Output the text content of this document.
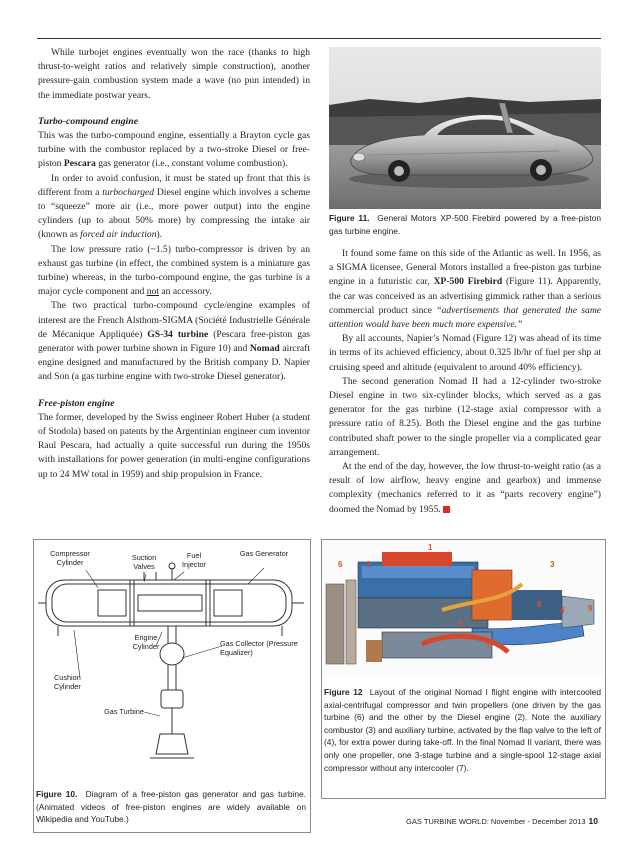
While turbojet engines eventually won the race (thanks to high thrust-to-weight ratios and relatively simple construction), another pressure-gain combustion system made a wave (no pun intended) in the immediate postwar years.

Turbo-compound engine

This was the turbo-compound engine, essentially a Brayton cycle gas turbine with the combustor replaced by a two-stroke Diesel or free-piston Pescara gas generator (i.e., constant volume combustion).

In order to avoid confusion, it must be stated up front that this is different from a turbocharged Diesel engine which involves a scheme to “squeeze” more air (i.e., more power output) into the engine cylinders (up to about 50% more) by compressing the intake air (known as forced air induction).

The low pressure ratio (~1.5) turbo-compressor is driven by an exhaust gas turbine (in effect, the combined system is a miniature gas turbine) whereas, in the turbo-compound engine, the gas turbine is a major cycle component and not an accessory.

The two practical turbo-compound cycle/engine examples of interest are the French Alsthom-SIGMA (Société Industrielle Générale de Mécanique Appliquée) GS-34 turbine (Pescara free-piston gas generator with power turbine shown in Figure 10) and Nomad aircraft engine designed and manufactured by the British company D. Napier and Son (a gas turbine engine with two-stroke Diesel generator).

Free-piston engine

The former, developed by the Swiss engineer Robert Huber (a student of Stodola) based on patents by the Argentinian engineer cum inventor Raul Pescara, had actually a quite successful run during the 1950s with installations for power generation (in multi-engine configurations up to 24 MW total in 1959) and ship propulsion in France.

Figure 11. General Motors XP-500 Firebird powered by a free-piston gas turbine engine.

It found some fame on this side of the Atlantic as well. In 1956, as a SIGMA licensee, General Motors installed a free-piston gas turbine engine in a futuristic car, XP-500 Firebird (Figure 11). Apparently, the car was conceived as an advertising gimmick rather than a serious commercial product since “advertisements that generated the same attention would have been much more expensive.”

By all accounts, Napier’s Nomad (Figure 12) was ahead of its time in terms of its achieved efficiency, about 0.325 lb/hr of fuel per shp at cruising speed and altitude (equivalent to around 40% efficiency).

The second generation Nomad II had a 12-cylinder two-stroke Diesel engine in two six-cylinder blocks, which served as a gas generator for the gas turbine (12-stage axial compressor with a pressure ratio of 8.25). Both the Diesel engine and the gas turbine contributed shaft power to the single propeller via a complicated gear arrangement.

At the end of the day, however, the low thrust-to-weight ratio (as a result of low airflow, heavy engine and gearbox) and immense complexity (mechanics referred to it as “parts recovery engine”) doomed the Nomad by 1955.

Compressor Cylinder
Suction Valves
Fuel Injector
Gas Generator
Engine Cylinder	Gas Collector (Pressure Equalizer)
Cushion Cylinder
Gas Turbine
Figure 10. Diagram of a free-piston gas generator and gas turbine. (Animated videos of free-piston engines are widely available on Wikipedia and YouTube.)
1
2	3
4
5
6
7
8	9
Figure 12 Layout of the original Nomad I flight engine with intercooled axial-centrifugal compressor and twin propellers (one driven by the gas turbine (6) and the other by the Diesel engine (2). Note the auxiliary combustor (3) and auxiliary turbine, activated by the flap valve to the left of (4), for extra power during take-off. In the final Nomad II variant, there was only one propeller, one 3-stage turbine and a single-spool 12-stage axial compressor without any intercooler (7).
GAS TURBINE WORLD: November - December 2013 10
